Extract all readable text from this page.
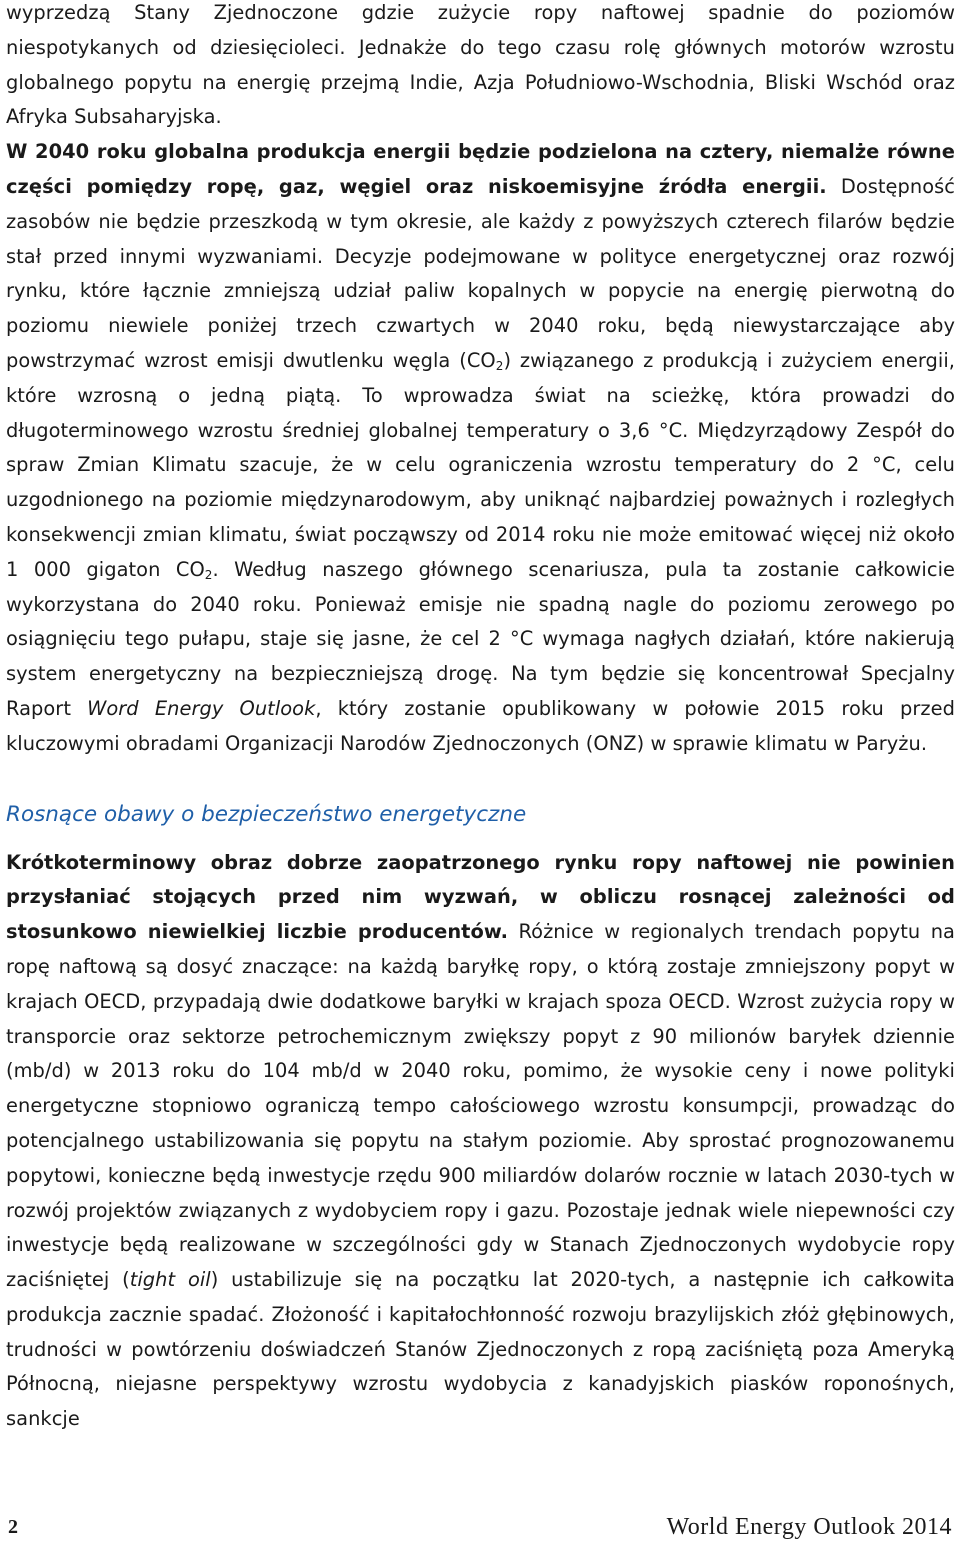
wyprzedzą Stany Zjednoczone gdzie zużycie ropy naftowej spadnie do poziomów niespotykanych od dziesięcioleci. Jednakże do tego czasu rolę głównych motorów wzrostu globalnego popytu na energię przejmą Indie, Azja Południowo-Wschodnia, Bliski Wschód oraz Afryka Subsaharyjska.

W 2040 roku globalna produkcja energii będzie podzielona na cztery, niemalże równe części pomiędzy ropę, gaz, węgiel oraz niskoemisyjne źródła energii. Dostępność zasobów nie będzie przeszkodą w tym okresie, ale każdy z powyższych czterech filarów będzie stał przed innymi wyzwaniami. Decyzje podejmowane w polityce energetycznej oraz rozwój rynku, które łącznie zmniejszą udział paliw kopalnych w popycie na energię pierwotną do poziomu niewiele poniżej trzech czwartych w 2040 roku, będą niewystarczające aby powstrzymać wzrost emisji dwutlenku węgla $(CO_2)$ związanego z produkcją i zużyciem energii, które wzrosną o jedną piątą. To wprowadza świat na scieżkę, która prowadzi do długoterminowego wzrostu średniej globalnej temperatury o 3,6 °C. Międzyrządowy Zespół do spraw Zmian Klimatu szacuje, że w celu ograniczenia wzrostu temperatury do 2 °C, celu uzgodnionego na poziomie międzynarodowym, aby uniknąć najbardziej poważnych i rozległych konsekwencji zmian klimatu, świat począwszy od 2014 roku nie może emitować więcej niż około 1 000 gigaton $CO_2$. Według naszego głównego scenariusza, pula ta zostanie całkowicie wykorzystana do 2040 roku. Ponieważ emisje nie spadną nagle do poziomu zerowego po osiągnięciu tego pułapu, staje się jasne, że cel 2 °C wymaga nagłych działań, które nakierują system energetyczny na bezpieczniejszą drogę. Na tym będzie się koncentrował Specjalny Raport Word Energy Outlook, który zostanie opublikowany w połowie 2015 roku przed kluczowymi obradami Organizacji Narodów Zjednoczonych (ONZ) w sprawie klimatu w Paryżu.

Rosnące obawy o bezpieczeństwo energetyczne

Krótkoterminowy obraz dobrze zaopatrzonego rynku ropy naftowej nie powinien przysłaniać stojących przed nim wyzwań, w obliczu rosnącej zależności od stosunkowo niewielkiej liczbie producentów. Różnice w regionalych trendach popytu na ropę naftową są dosyć znaczące: na każdą baryłkę ropy, o którą zostaje zmniejszony popyt w krajach OECD, przypadają dwie dodatkowe baryłki w krajach spoza OECD. Wzrost zużycia ropy w transporcie oraz sektorze petrochemicznym zwiększy popyt z 90 milionów baryłek dziennie (mb/d) w 2013 roku do 104 mb/d w 2040 roku, pomimo, że wysokie ceny i nowe polityki energetyczne stopniowo ograniczą tempo całościowego wzrostu konsumpcji, prowadząc do potencjalnego ustabilizowania się popytu na stałym poziomie. Aby sprostać prognozowanemu popytowi, konieczne będą inwestycje rzędu 900 miliardów dolarów rocznie w latach 2030-tych w rozwój projektów związanych z wydobyciem ropy i gazu. Pozostaje jednak wiele niepewności czy inwestycje będą realizowane w szczególności gdy w Stanach Zjednoczonych wydobycie ropy zaciśniętej (tight oil) ustabilizuje się na początku lat 2020-tych, a następnie ich całkowita produkcja zacznie spadać. Złożoność i kapitałochłonność rozwoju brazylijskich złóż głębinowych, trudności w powtórzeniu doświadczeń Stanów Zjednoczonych z ropą zaciśniętą poza Ameryką Północną, niejasne perspektywy wzrostu wydobycia z kanadyjskich piasków roponośnych, sankcje

2	World Energy Outlook 2014
